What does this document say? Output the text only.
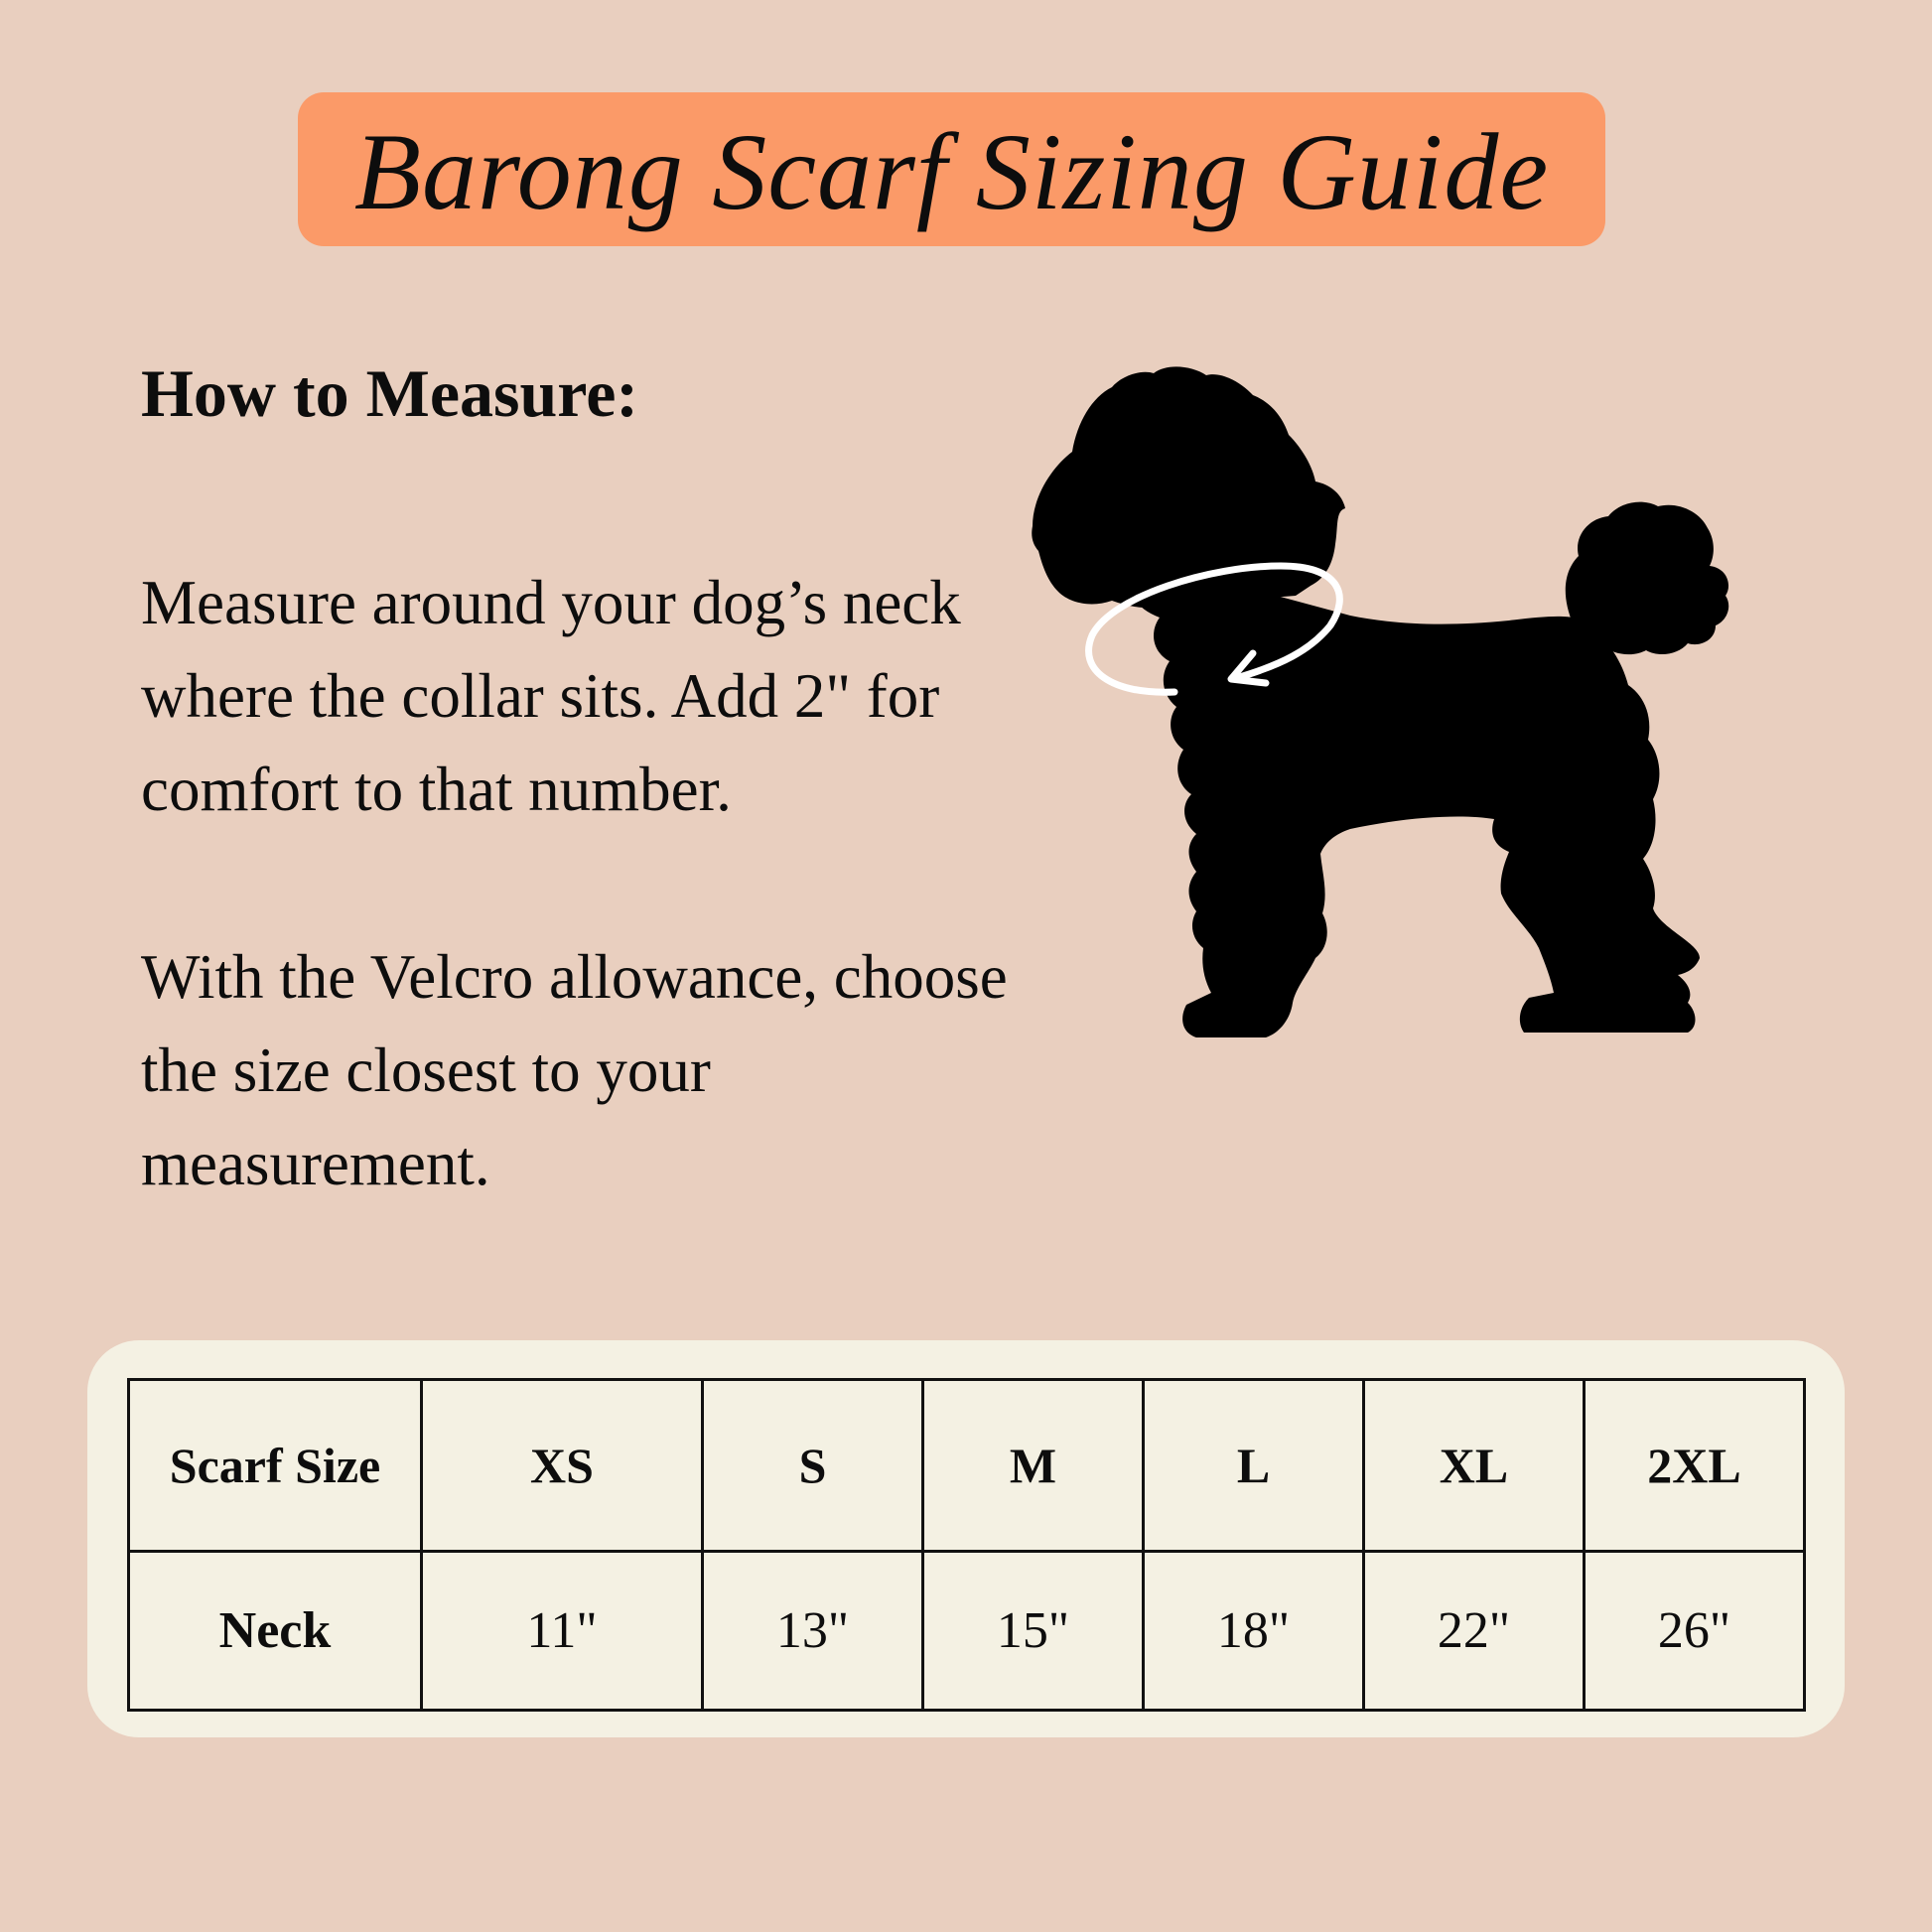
Barong Scarf Sizing Guide
How to Measure:
Measure around your dog’s neck where the collar sits. Add 2" for comfort to that number.
With the Velcro allowance, choose the size closest to your measurement.
Scarf Size	XS	S	M	L	XL	2XL
Neck	11"	13"	15"	18"	22"	26"
